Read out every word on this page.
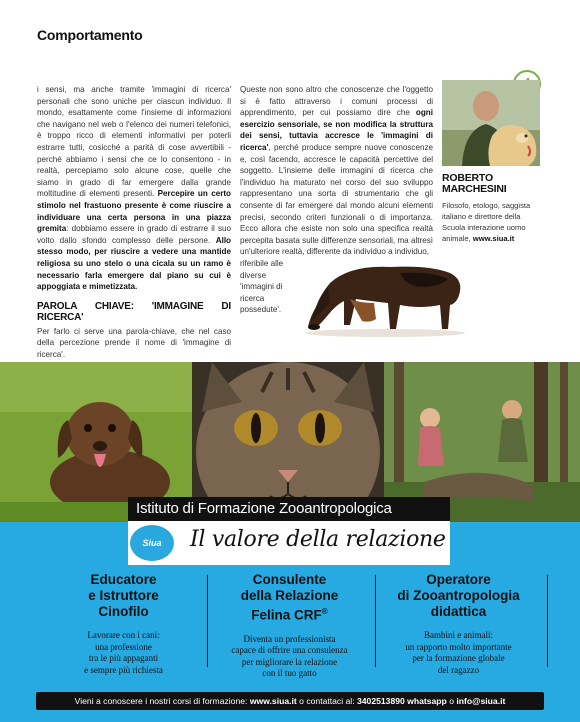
Comportamento

i sensi, ma anche tramite 'immagini di ricerca' personali che sono uniche per ciascun individuo. Il mondo, esattamente come l'insieme di informazioni che navigano nel web o l'elenco dei numeri telefonici, è troppo ricco di elementi informativi per poterli estrarre tutti, cosicché a parità di cose avvertibili - perché abbiamo i sensi che ce lo consentono - in realtà, percepiamo solo alcune cose, quelle che siamo in grado di far emergere dalla grande moltitudine di elementi presenti. Percepire un certo stimolo nel frastuono presente è come riuscire a individuare una certa persona in una piazza gremita: dobbiamo essere in grado di estrarre il suo volto dallo sfondo complesso delle persone. Allo stesso modo, per riuscire a vedere una mantide religiosa su uno stelo o una cicala su un ramo è necessario farla emergere dal piano su cui è appoggiata e mimetizzata.

PAROLA CHIAVE: 'IMMAGINE DI RICERCA'

Per farlo ci serve una parola-chiave, che nel caso della percezione prende il nome di 'immagine di ricerca'.

Queste non sono altro che conoscenze che l'oggetto si è fatto attraverso i comuni processi di apprendimento, per cui possiamo dire che ogni esercizio sensoriale, se non modifica la struttura dei sensi, tuttavia accresce le 'immagini di ricerca', perché produce sempre nuove conoscenze e, così facendo, accresce le capacità percettive del soggetto. L'insieme delle immagini di ricerca che l'individuo ha maturato nel corso del suo sviluppo rappresentano una sorta di strumentario che gli consente di far emergere dal mondo alcuni elementi precisi, secondo criteri funzionali o di importanza. Ecco allora che esiste non solo una specifica realtà percepita basata sulle differenze sensoriali, ma altresì un'ulteriore realtà, differente da individuo a individuo,

riferibile alle diverse 'immagini di ricerca possedute'.

ROBERTO
MARCHESINI
Filosofo, etologo, saggista italiano e direttore della Scuola interazione uomo animale, www.siua.it
Istituto di Formazione Zooantropologica
Siua Il valore della relazione
Educatore
e Istruttore
Cinofilo
Lavorare con i cani:
una professione
tra le più appaganti
e sempre più richiesta
Consulente
della Relazione
Felina CRF®
Diventa un professionista
capace di offrire una consulenza
per migliorare la relazione
con il tuo gatto
Operatore
di Zooantropologia
didattica
Bambini e animali:
un rapporto molto importante
per la formazione globale
del ragazzo
Vieni a conoscere i nostri corsi di formazione: www.siua.it o contattaci al: 3402513890 whatsapp o info@siua.it
